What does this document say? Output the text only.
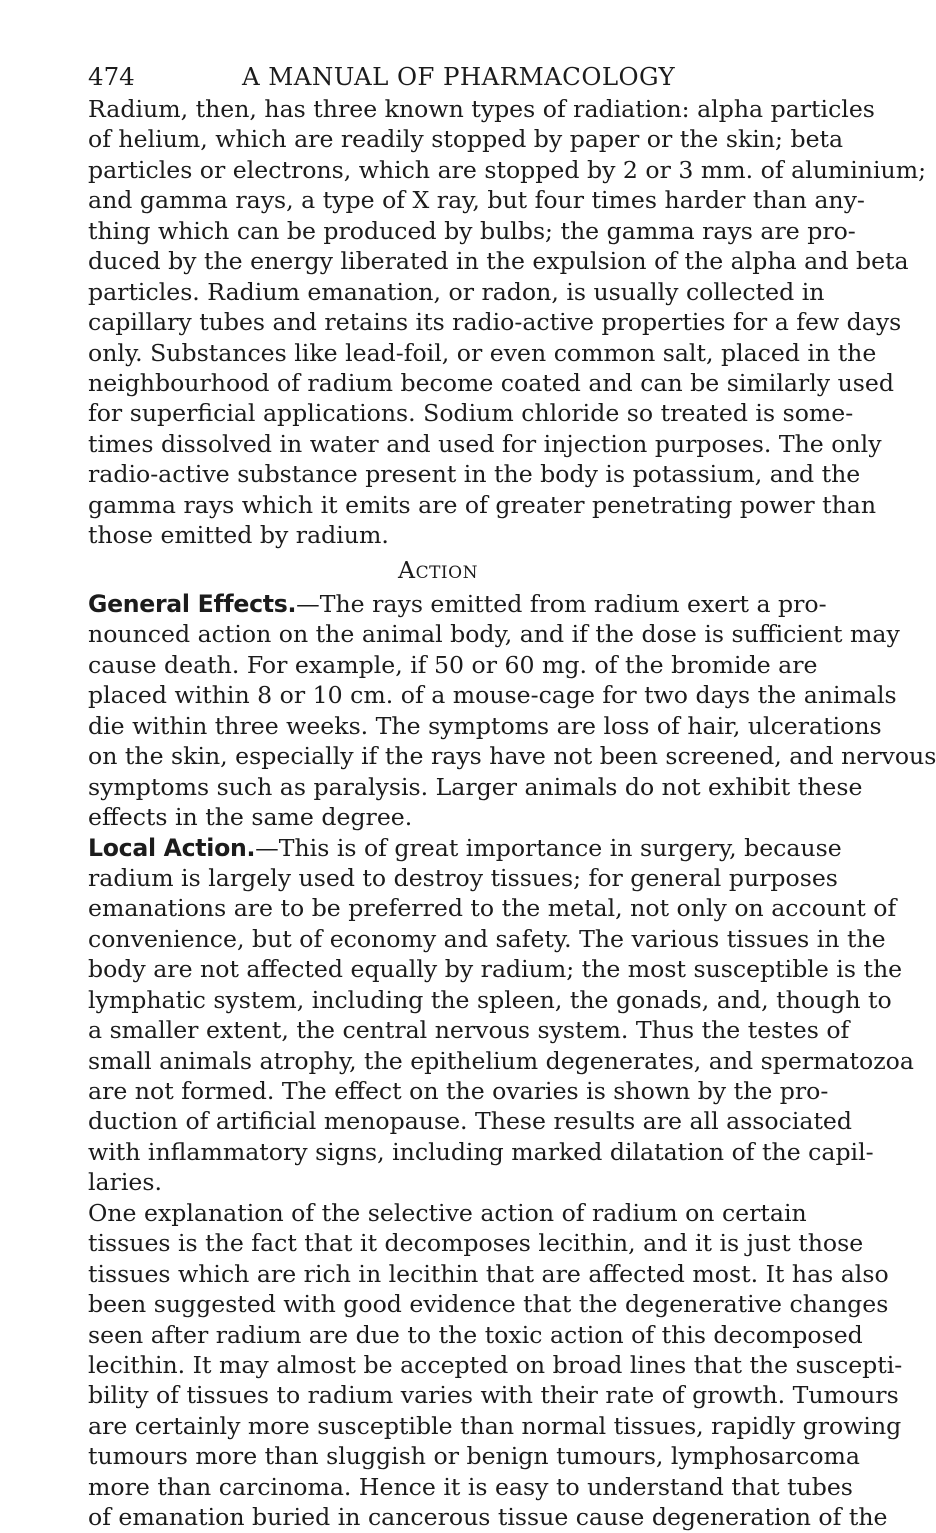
474	A MANUAL OF PHARMACOLOGY
Radium, then, has three known types of radiation: alpha particles
of helium, which are readily stopped by paper or the skin; beta
particles or electrons, which are stopped by 2 or 3 mm. of aluminium;
and gamma rays, a type of X ray, but four times harder than any-
thing which can be produced by bulbs; the gamma rays are pro-
duced by the energy liberated in the expulsion of the alpha and beta
particles. Radium emanation, or radon, is usually collected in
capillary tubes and retains its radio-active properties for a few days
only. Substances like lead-foil, or even common salt, placed in the
neighbourhood of radium become coated and can be similarly used
for superficial applications. Sodium chloride so treated is some-
times dissolved in water and used for injection purposes. The only
radio-active substance present in the body is potassium, and the
gamma rays which it emits are of greater penetrating power than
those emitted by radium.
Action
General Effects.—The rays emitted from radium exert a pro-
nounced action on the animal body, and if the dose is sufficient may
cause death. For example, if 50 or 60 mg. of the bromide are
placed within 8 or 10 cm. of a mouse-cage for two days the animals
die within three weeks. The symptoms are loss of hair, ulcerations
on the skin, especially if the rays have not been screened, and nervous
symptoms such as paralysis. Larger animals do not exhibit these
effects in the same degree.
Local Action.—This is of great importance in surgery, because
radium is largely used to destroy tissues; for general purposes
emanations are to be preferred to the metal, not only on account of
convenience, but of economy and safety. The various tissues in the
body are not affected equally by radium; the most susceptible is the
lymphatic system, including the spleen, the gonads, and, though to
a smaller extent, the central nervous system. Thus the testes of
small animals atrophy, the epithelium degenerates, and spermatozoa
are not formed. The effect on the ovaries is shown by the pro-
duction of artificial menopause. These results are all associated
with inflammatory signs, including marked dilatation of the capil-
laries.
One explanation of the selective action of radium on certain
tissues is the fact that it decomposes lecithin, and it is just those
tissues which are rich in lecithin that are affected most. It has also
been suggested with good evidence that the degenerative changes
seen after radium are due to the toxic action of this decomposed
lecithin. It may almost be accepted on broad lines that the suscepti-
bility of tissues to radium varies with their rate of growth. Tumours
are certainly more susceptible than normal tissues, rapidly growing
tumours more than sluggish or benign tumours, lymphosarcoma
more than carcinoma. Hence it is easy to understand that tubes
of emanation buried in cancerous tissue cause degeneration of the
